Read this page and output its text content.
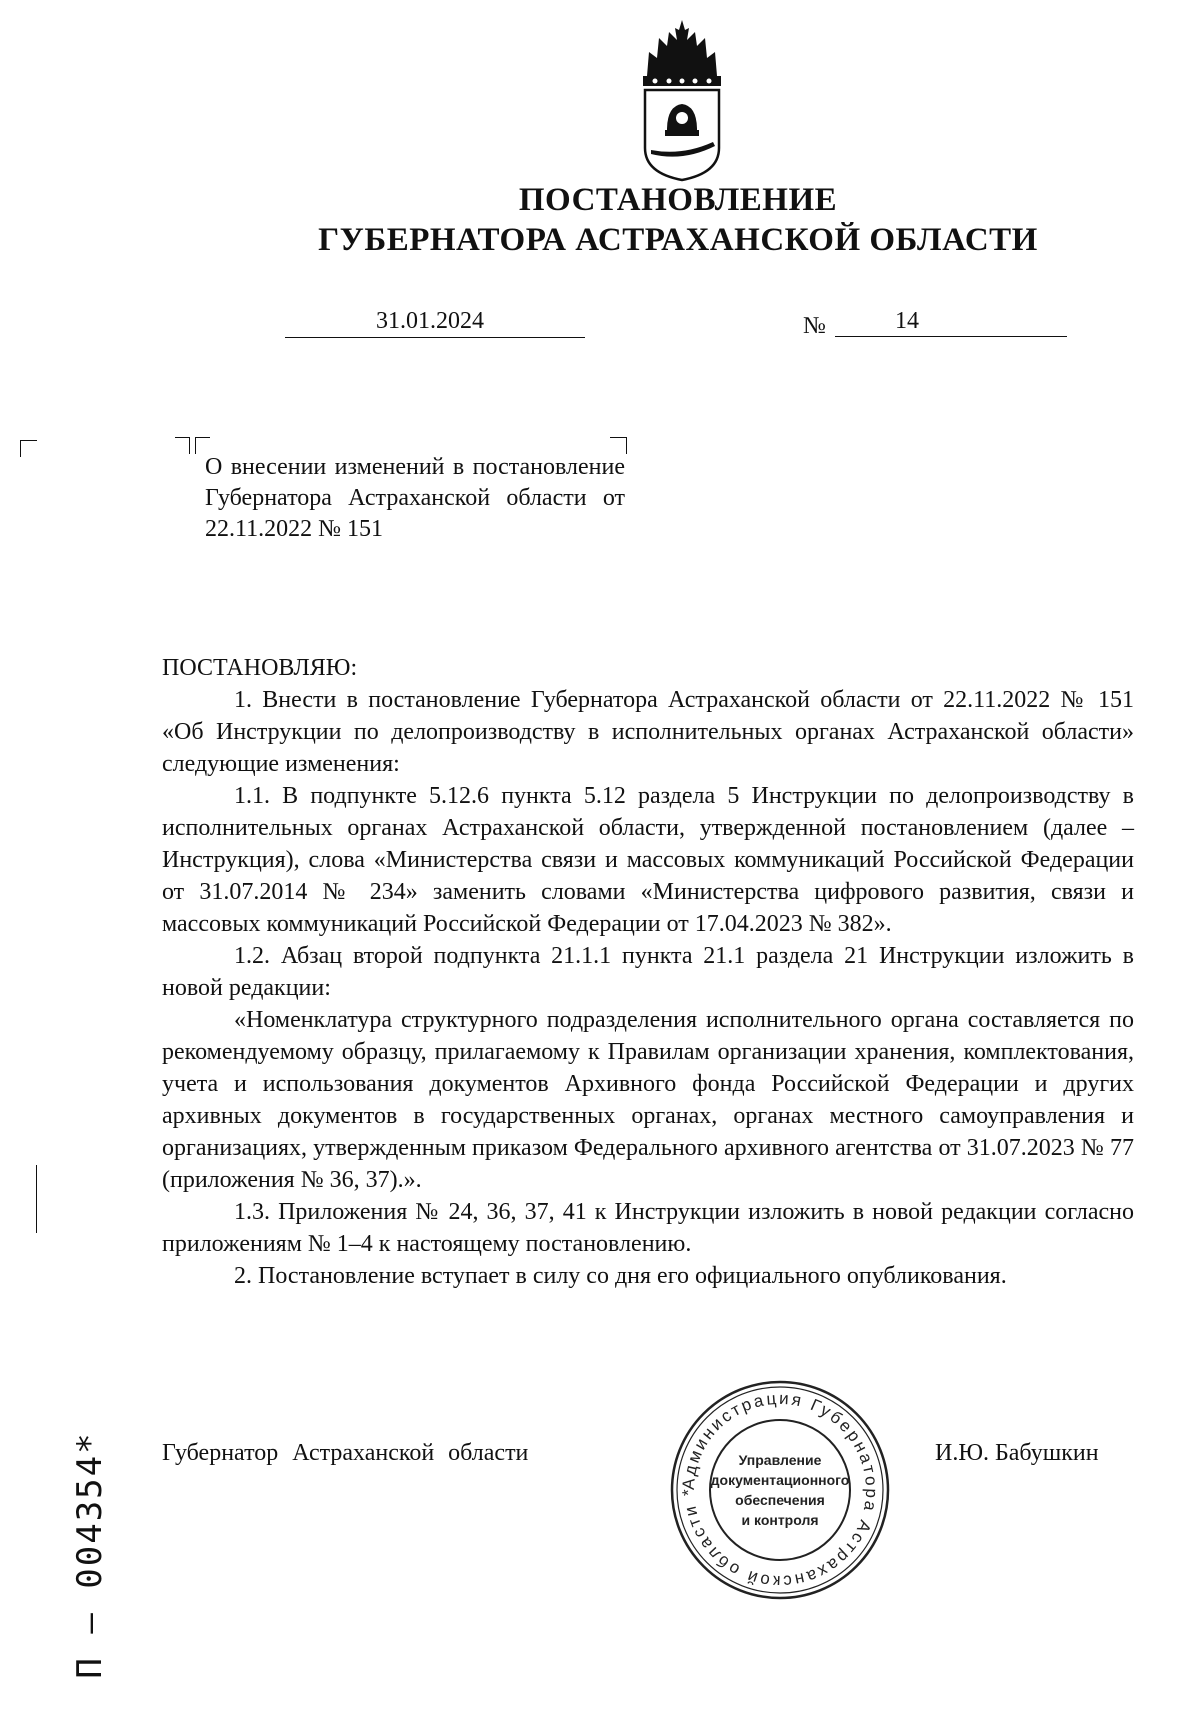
ПОСТАНОВЛЕНИЕ
ГУБЕРНАТОРА АСТРАХАНСКОЙ ОБЛАСТИ
31.01.2024	№	14
О внесении изменений в постановление Губернатора Астраханской области от 22.11.2022 № 151

ПОСТАНОВЛЯЮ:

1. Внести в постановление Губернатора Астраханской области от 22.11.2022 № 151 «Об Инструкции по делопроизводству в исполнительных органах Астраханской области» следующие изменения:

1.1. В подпункте 5.12.6 пункта 5.12 раздела 5 Инструкции по делопроизводству в исполнительных органах Астраханской области, утвержденной постановлением (далее – Инструкция), слова «Министерства связи и массовых коммуникаций Российской Федерации от 31.07.2014 № 234» заменить словами «Министерства цифрового развития, связи и массовых коммуникаций Российской Федерации от 17.04.2023 № 382».

1.2. Абзац второй подпункта 21.1.1 пункта 21.1 раздела 21 Инструкции изложить в новой редакции:

«Номенклатура структурного подразделения исполнительного органа составляется по рекомендуемому образцу, прилагаемому к Правилам организации хранения, комплектования, учета и использования документов Архивного фонда Российской Федерации и других архивных документов в государственных органах, органах местного самоуправления и организациях, утвержденным приказом Федерального архивного агентства от 31.07.2023 № 77 (приложения № 36, 37).».

1.3. Приложения № 24, 36, 37, 41 к Инструкции изложить в новой редакции согласно приложениям № 1–4 к настоящему постановлению.

2. Постановление вступает в силу со дня его официального опубликования.

Губернатор Астраханской области
Администрация Губернатора Астраханской области *
Управление
документационного
обеспечения
и контроля
И.Ю. Бабушкин
П – 004354*
